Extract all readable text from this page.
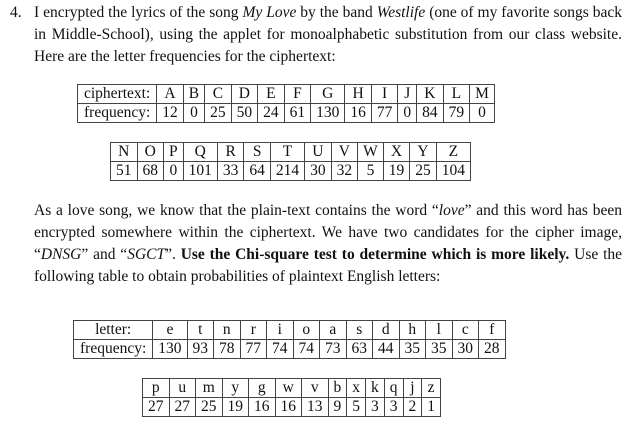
4. I encrypted the lyrics of the song My Love by the band Westlife (one of my favorite songs back in Middle-School), using the applet for monoalphabetic substitution from our class website. Here are the letter frequencies for the ciphertext:
ciphertext:	A	B	C	D	E	F	G	H	I	J	K	L	M
frequency:	12	0	25	50	24	61	130	16	77	0	84	79	0
N	O	P	Q	R	S	T	U	V	W	X	Y	Z
51	68	0	101	33	64	214	30	32	5	19	25	104
As a love song, we know that the plain-text contains the word “love” and this word has been encrypted somewhere within the ciphertext. We have two candidates for the cipher image, “DNSG” and “SGCT”. Use the Chi-square test to determine which is more likely. Use the following table to obtain probabilities of plaintext English letters:
letter:	e	t	n	r	i	o	a	s	d	h	l	c	f
frequency:	130	93	78	77	74	74	73	63	44	35	35	30	28
p	u	m	y	g	w	v	b	x	k	q	j	z
27	27	25	19	16	16	13	9	5	3	3	2	1
